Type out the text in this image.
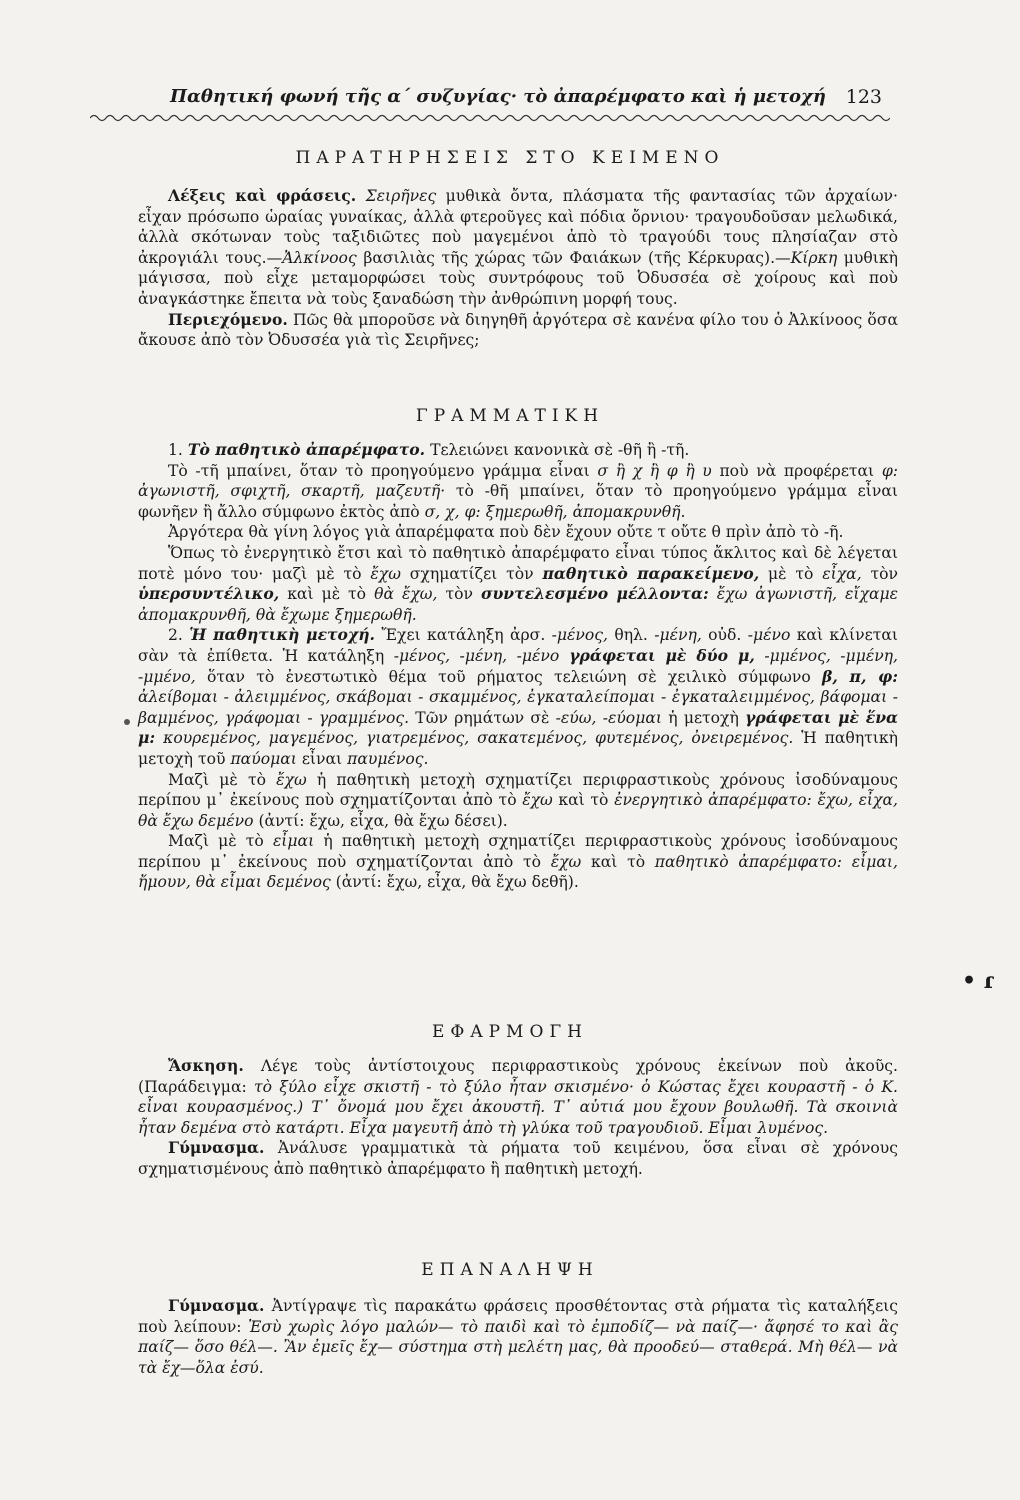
Παθητική φωνή τῆς α΄ συζυγίας· τὸ ἀπαρέμφατο καὶ ἡ μετοχή 123
ΠΑΡΑΤΗΡΗΣΕΙΣ ΣΤΟ ΚΕΙΜΕΝΟ

Λέξεις καὶ φράσεις. Σειρῆνες μυθικὰ ὄντα, πλάσματα τῆς φαντασίας τῶν ἀρχαίων· εἶχαν πρόσωπο ὡραίας γυναίκας, ἀλλὰ φτεροῦγες καὶ πόδια ὄρνιου· τραγουδοῦσαν μελωδικά, ἀλλὰ σκότωναν τοὺς ταξιδιῶτες ποὺ μαγεμένοι ἀπὸ τὸ τραγούδι τους πλησίαζαν στὸ ἀκρογιάλι τους.—Ἀλκίνοος βασιλιὰς τῆς χώρας τῶν Φαιάκων (τῆς Κέρκυρας).—Κίρκη μυθικὴ μάγισσα, ποὺ εἶχε μεταμορφώσει τοὺς συντρόφους τοῦ Ὀδυσσέα σὲ χοίρους καὶ ποὺ ἀναγκάστηκε ἔπειτα νὰ τοὺς ξαναδώση τὴν ἀνθρώπινη μορφή τους.

Περιεχόμενο. Πῶς θὰ μποροῦσε νὰ διηγηθῆ ἀργότερα σὲ κανένα φίλο του ὁ Ἀλκίνοος ὅσα ἄκουσε ἀπὸ τὸν Ὀδυσσέα γιὰ τὶς Σειρῆνες;

ΓΡΑΜΜΑΤΙΚΗ

1. Τὸ παθητικὸ ἀπαρέμφατο. Τελειώνει κανονικὰ σὲ -θῆ ἢ -τῆ.

Τὸ -τῆ μπαίνει, ὅταν τὸ προηγούμενο γράμμα εἶναι σ ἢ χ ἢ φ ἢ υ ποὺ νὰ προφέρεται φ: ἀγωνιστῆ, σφιχτῆ, σκαρτῆ, μαζευτῆ· τὸ -θῆ μπαίνει, ὅταν τὸ προηγούμενο γράμμα εἶναι φωνῆεν ἢ ἄλλο σύμφωνο ἐκτὸς ἀπὸ σ, χ, φ: ξημερωθῆ, ἀπομακρυνθῆ.

Ἀργότερα θὰ γίνη λόγος γιὰ ἀπαρέμφατα ποὺ δὲν ἔχουν οὔτε τ οὔτε θ πρὶν ἀπὸ τὸ -ῆ.

Ὅπως τὸ ἐνεργητικὸ ἔτσι καὶ τὸ παθητικὸ ἀπαρέμφατο εἶναι τύπος ἄκλιτος καὶ δὲ λέγεται ποτὲ μόνο του· μαζὶ μὲ τὸ ἔχω σχηματίζει τὸν παθητικὸ παρακείμενο, μὲ τὸ εἶχα, τὸν ὑπερσυντέλικο, καὶ μὲ τὸ θὰ ἔχω, τὸν συντελεσμένο μέλλοντα: ἔχω ἀγωνιστῆ, εἴχαμε ἀπομακρυνθῆ, θὰ ἔχωμε ξημερωθῆ.

2. Ἡ παθητικὴ μετοχή. Ἔχει κατάληξη ἀρσ. -μένος, θηλ. -μένη, οὐδ. -μένο καὶ κλίνεται σὰν τὰ ἐπίθετα. Ἡ κατάληξη -μένος, -μένη, -μένο γράφεται μὲ δύο μ, -μμένος, -μμένη, -μμένο, ὅταν τὸ ἐνεστωτικὸ θέμα τοῦ ρήματος τελειώνη σὲ χειλικὸ σύμφωνο β, π, φ: ἀλείβομαι - ἀλειμμένος, σκάβομαι - σκαμμένος, ἐγκαταλείπομαι - ἐγκαταλειμμένος, βάφομαι - βαμμένος, γράφομαι - γραμμένος. Τῶν ρημάτων σὲ -εύω, -εύομαι ἡ μετοχὴ γράφεται μὲ ἕνα μ: κουρεμένος, μαγεμένος, γιατρεμένος, σακατεμένος, φυτεμένος, ὀνειρεμένος. Ἡ παθητικὴ μετοχὴ τοῦ παύομαι εἶναι παυμένος.

Μαζὶ μὲ τὸ ἔχω ἡ παθητικὴ μετοχὴ σχηματίζει περιφραστικοὺς χρόνους ἰσοδύναμους περίπου μ᾽ ἐκείνους ποὺ σχηματίζονται ἀπὸ τὸ ἔχω καὶ τὸ ἐνεργητικὸ ἀπαρέμφατο: ἔχω, εἶχα, θὰ ἔχω δεμένο (ἀντί: ἔχω, εἶχα, θὰ ἔχω δέσει).

Μαζὶ μὲ τὸ εἶμαι ἡ παθητικὴ μετοχὴ σχηματίζει περιφραστικοὺς χρόνους ἰσοδύναμους περίπου μ᾽ ἐκείνους ποὺ σχηματίζονται ἀπὸ τὸ ἔχω καὶ τὸ παθητικὸ ἀπαρέμφατο: εἶμαι, ἤμουν, θὰ εἶμαι δεμένος (ἀντί: ἔχω, εἶχα, θὰ ἔχω δεθῆ).

• ɾ
ΕΦΑΡΜΟΓΗ

Ἄσκηση. Λέγε τοὺς ἀντίστοιχους περιφραστικοὺς χρόνους ἐκείνων ποὺ ἀκοῦς. (Παράδειγμα: τὸ ξύλο εἶχε σκιστῆ - τὸ ξύλο ἦταν σκισμένο· ὁ Κώστας ἔχει κουραστῆ - ὁ Κ. εἶναι κουρασμένος.) Τ᾽ ὄνομά μου ἔχει ἀκουστῆ. Τ᾽ αὐτιά μου ἔχουν βουλωθῆ. Τὰ σκοινιὰ ἦταν δεμένα στὸ κατάρτι. Εἶχα μαγευτῆ ἀπὸ τὴ γλύκα τοῦ τραγουδιοῦ. Εἶμαι λυμένος.

Γύμνασμα. Ἀνάλυσε γραμματικὰ τὰ ρήματα τοῦ κειμένου, ὅσα εἶναι σὲ χρόνους σχηματισμένους ἀπὸ παθητικὸ ἀπαρέμφατο ἢ παθητικὴ μετοχή.

ΕΠΑΝΑΛΗΨΗ

Γύμνασμα. Ἀντίγραψε τὶς παρακάτω φράσεις προσθέτοντας στὰ ρήματα τὶς καταλήξεις ποὺ λείπουν: Ἐσὺ χωρὶς λόγο μαλών— τὸ παιδὶ καὶ τὸ ἐμποδίζ— νὰ παίζ—· ἄφησέ το καὶ ἂς παίζ— ὅσο θέλ—. Ἂν ἐμεῖς ἔχ— σύστημα στὴ μελέτη μας, θὰ προοδεύ— σταθερά. Μὴ θέλ— νὰ τὰ ἔχ—ὅλα ἐσύ.
